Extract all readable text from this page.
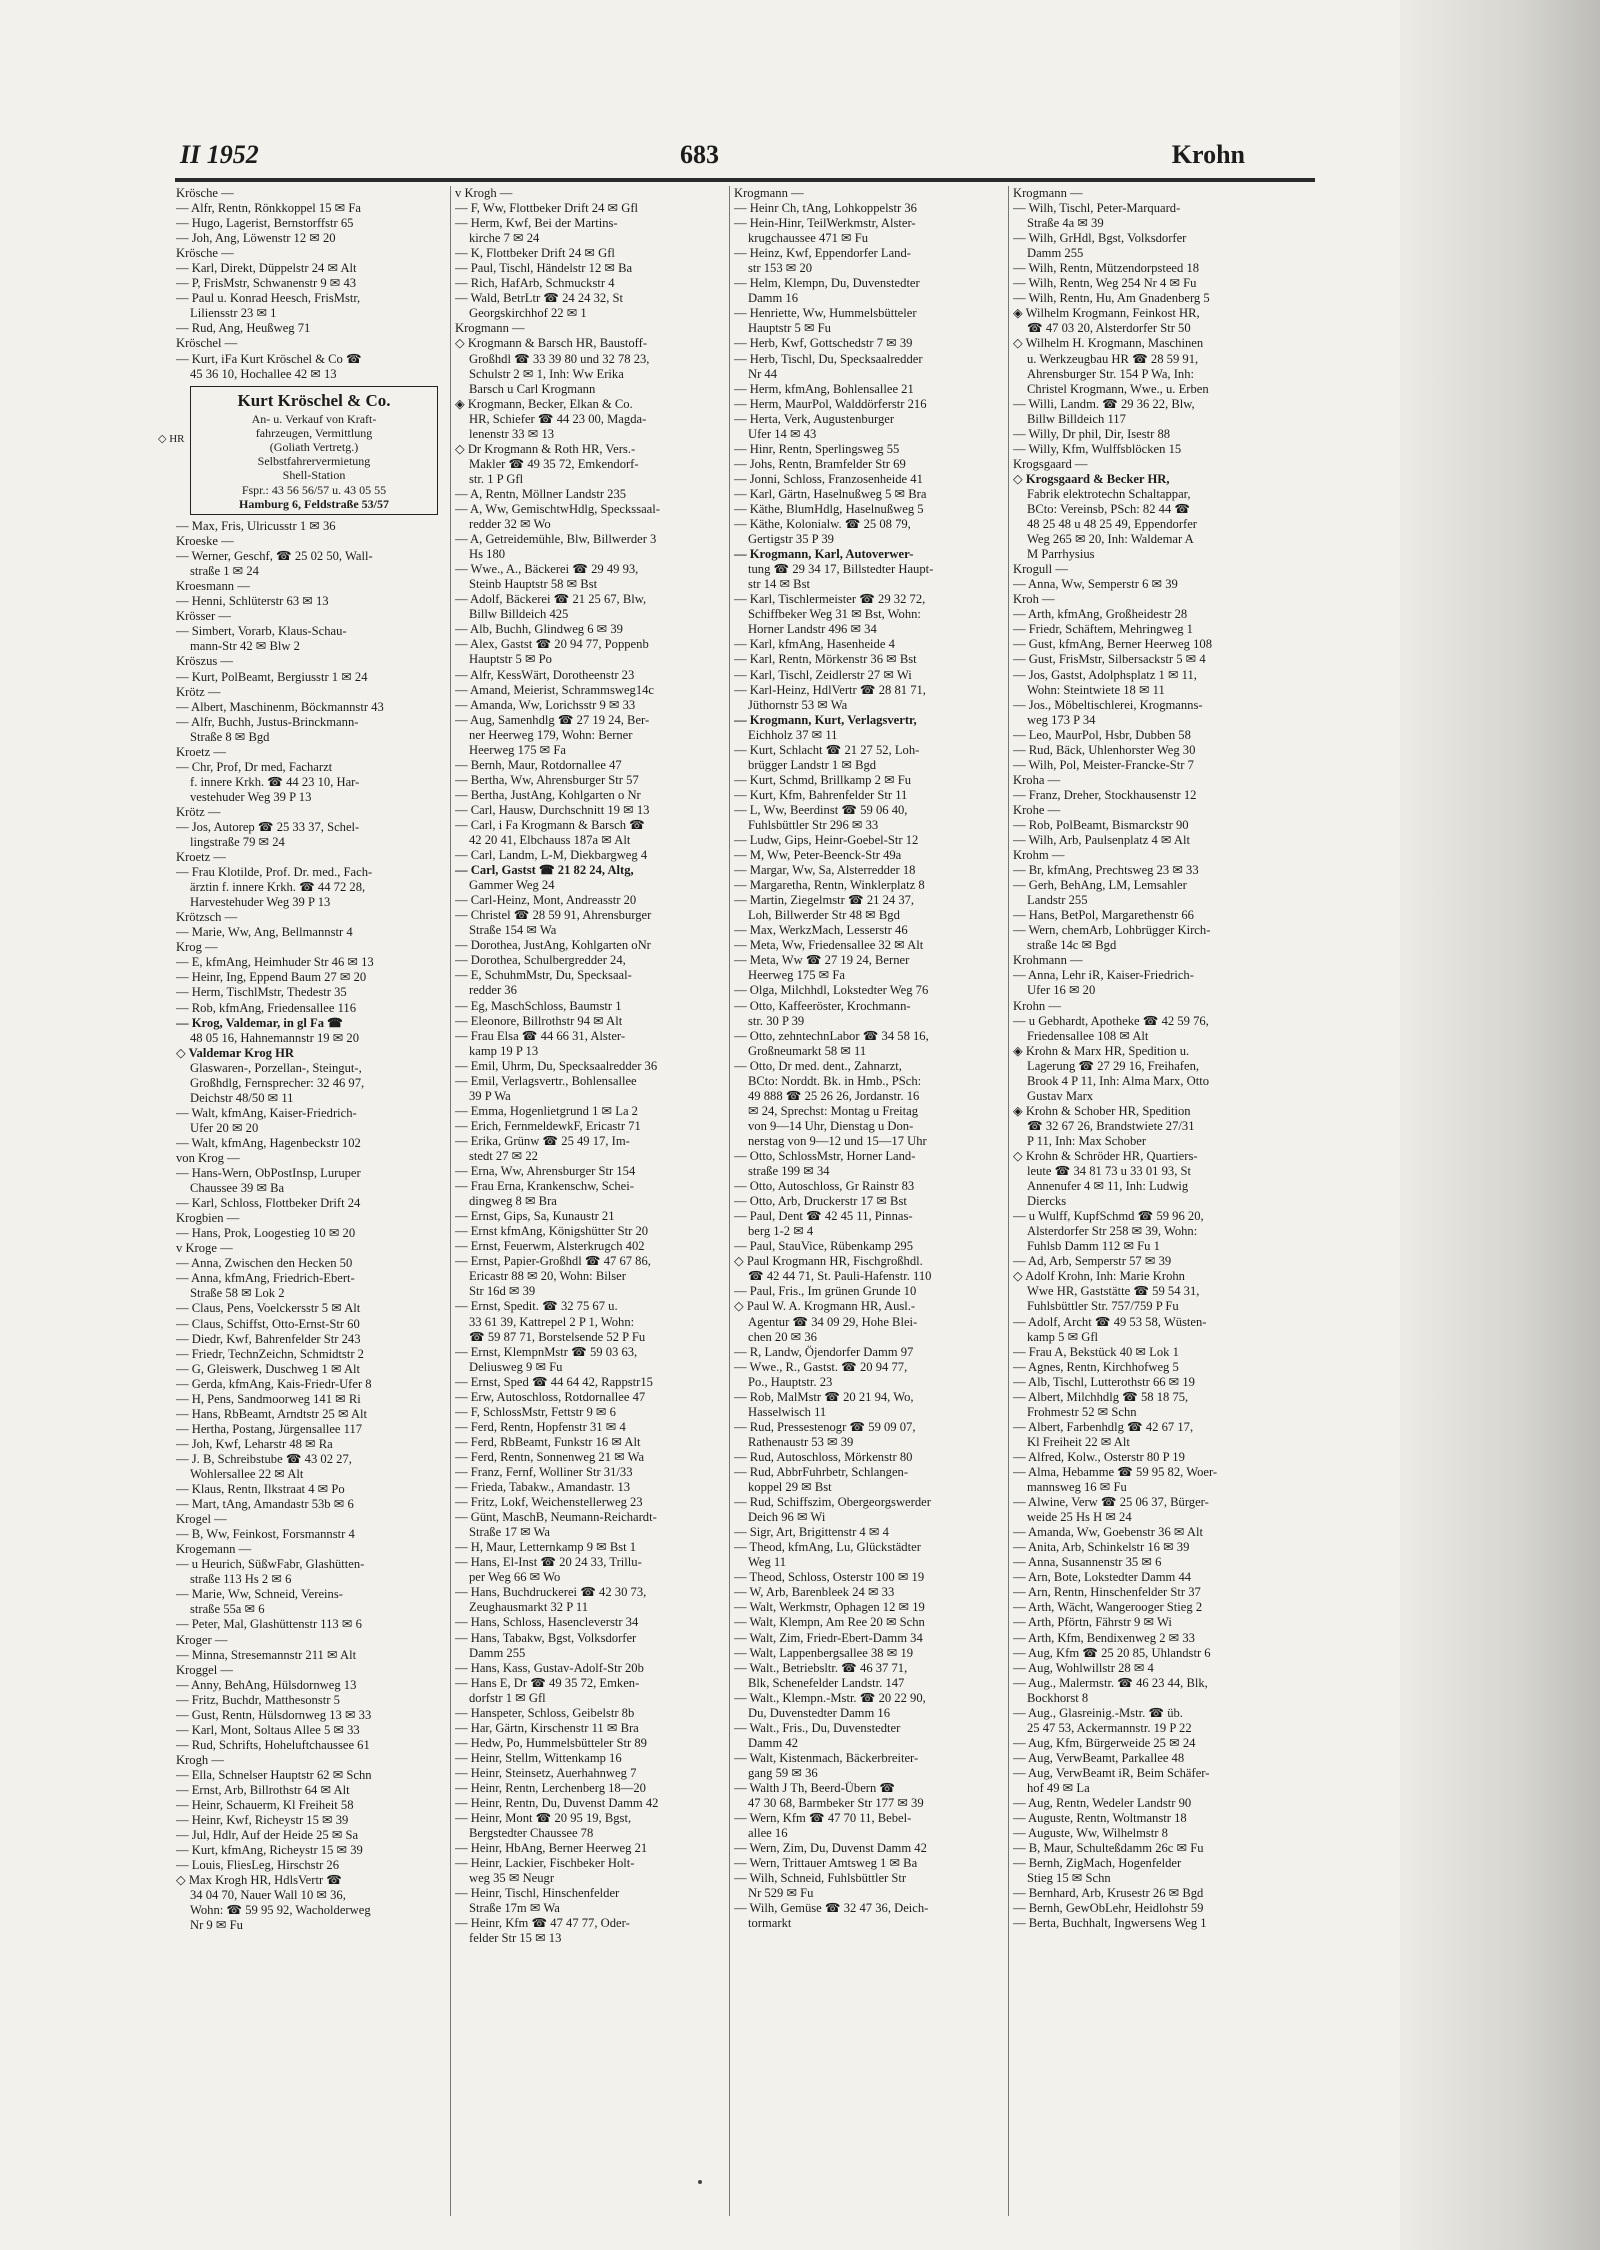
II 1952	683	Krohn
◇ HR
Krösche —
— Alfr, Rentn, Rönkkoppel 15 ✉ Fa
— Hugo, Lagerist, Bernstorffstr 65
— Joh, Ang, Löwenstr 12 ✉ 20
Krösche —
— Karl, Direkt, Düppelstr 24 ✉ Alt
— P, FrisMstr, Schwanenstr 9 ✉ 43
— Paul u. Konrad Heesch, FrisMstr,
Liliensstr 23 ✉ 1
— Rud, Ang, Heußweg 71
Kröschel —
— Kurt, iFa Kurt Kröschel & Co ☎
45 36 10, Hochallee 42 ✉ 13
Kurt Kröschel & Co.
An- u. Verkauf von Kraft-
fahrzeugen, Vermittlung
(Goliath Vertretg.)
Selbstfahrervermietung
Shell-Station
Fspr.: 43 56 56/57 u. 43 05 55
Hamburg 6, Feldstraße 53/57
— Max, Fris, Ulricusstr 1 ✉ 36
Kroeske —
— Werner, Geschf, ☎ 25 02 50, Wall-
straße 1 ✉ 24
Kroesmann —
— Henni, Schlüterstr 63 ✉ 13
Krösser —
— Simbert, Vorarb, Klaus-Schau-
mann-Str 42 ✉ Blw 2
Kröszus —
— Kurt, PolBeamt, Bergiusstr 1 ✉ 24
Krötz —
— Albert, Maschinenm, Böckmannstr 43
— Alfr, Buchh, Justus-Brinckmann-
Straße 8 ✉ Bgd
Kroetz —
— Chr, Prof, Dr med, Facharzt
f. innere Krkh. ☎ 44 23 10, Har-
vestehuder Weg 39 P 13
Krötz —
— Jos, Autorep ☎ 25 33 37, Schel-
lingstraße 79 ✉ 24
Kroetz —
— Frau Klotilde, Prof. Dr. med., Fach-
ärztin f. innere Krkh. ☎ 44 72 28,
Harvestehuder Weg 39 P 13
Krötzsch —
— Marie, Ww, Ang, Bellmannstr 4
Krog —
— E, kfmAng, Heimhuder Str 46 ✉ 13
— Heinr, Ing, Eppend Baum 27 ✉ 20
— Herm, TischlMstr, Thedestr 35
— Rob, kfmAng, Friedensallee 116
— Krog, Valdemar, in gl Fa ☎
48 05 16, Hahnemannstr 19 ✉ 20
◇ Valdemar Krog HR
Glaswaren-, Porzellan-, Steingut-,
Großhdlg, Fernsprecher: 32 46 97,
Deichstr 48/50 ✉ 11
— Walt, kfmAng, Kaiser-Friedrich-
Ufer 20 ✉ 20
— Walt, kfmAng, Hagenbeckstr 102
von Krog —
— Hans-Wern, ObPostInsp, Luruper
Chaussee 39 ✉ Ba
— Karl, Schloss, Flottbeker Drift 24
Krogbien —
— Hans, Prok, Loogestieg 10 ✉ 20
v Kroge —
— Anna, Zwischen den Hecken 50
— Anna, kfmAng, Friedrich-Ebert-
Straße 58 ✉ Lok 2
— Claus, Pens, Voelckersstr 5 ✉ Alt
— Claus, Schiffst, Otto-Ernst-Str 60
— Diedr, Kwf, Bahrenfelder Str 243
— Friedr, TechnZeichn, Schmidtstr 2
— G, Gleiswerk, Duschweg 1 ✉ Alt
— Gerda, kfmAng, Kais-Friedr-Ufer 8
— H, Pens, Sandmoorweg 141 ✉ Ri
— Hans, RbBeamt, Arndtstr 25 ✉ Alt
— Hertha, Postang, Jürgensallee 117
— Joh, Kwf, Leharstr 48 ✉ Ra
— J. B, Schreibstube ☎ 43 02 27,
Wohlersallee 22 ✉ Alt
— Klaus, Rentn, Ilkstraat 4 ✉ Po
— Mart, tAng, Amandastr 53b ✉ 6
Krogel —
— B, Ww, Feinkost, Forsmannstr 4
Krogemann —
— u Heurich, SüßwFabr, Glashütten-
straße 113 Hs 2 ✉ 6
— Marie, Ww, Schneid, Vereins-
straße 55a ✉ 6
— Peter, Mal, Glashüttenstr 113 ✉ 6
Kroger —
— Minna, Stresemannstr 211 ✉ Alt
Kroggel —
— Anny, BehAng, Hülsdornweg 13
— Fritz, Buchdr, Matthesonstr 5
— Gust, Rentn, Hülsdornweg 13 ✉ 33
— Karl, Mont, Soltaus Allee 5 ✉ 33
— Rud, Schrifts, Hoheluftchaussee 61
Krogh —
— Ella, Schnelser Hauptstr 62 ✉ Schn
— Ernst, Arb, Billrothstr 64 ✉ Alt
— Heinr, Schauerm, Kl Freiheit 58
— Heinr, Kwf, Richeystr 15 ✉ 39
— Jul, Hdlr, Auf der Heide 25 ✉ Sa
— Kurt, kfmAng, Richeystr 15 ✉ 39
— Louis, FliesLeg, Hirschstr 26
◇ Max Krogh HR, HdlsVertr ☎
34 04 70, Nauer Wall 10 ✉ 36,
Wohn: ☎ 59 95 92, Wacholderweg
Nr 9 ✉ Fu
v Krogh —
— F, Ww, Flottbeker Drift 24 ✉ Gfl
— Herm, Kwf, Bei der Martins-
kirche 7 ✉ 24
— K, Flottbeker Drift 24 ✉ Gfl
— Paul, Tischl, Händelstr 12 ✉ Ba
— Rich, HafArb, Schmuckstr 4
— Wald, BetrLtr ☎ 24 24 32, St
Georgskirchhof 22 ✉ 1
Krogmann —
◇ Krogmann & Barsch HR, Baustoff-
Großhdl ☎ 33 39 80 und 32 78 23,
Schulstr 2 ✉ 1, Inh: Ww Erika
Barsch u Carl Krogmann
◈ Krogmann, Becker, Elkan & Co.
HR, Schiefer ☎ 44 23 00, Magda-
lenenstr 33 ✉ 13
◇ Dr Krogmann & Roth HR, Vers.-
Makler ☎ 49 35 72, Emkendorf-
str. 1 P Gfl
— A, Rentn, Möllner Landstr 235
— A, Ww, GemischtwHdlg, Speckssaal-
redder 32 ✉ Wo
— A, Getreidemühle, Blw, Billwerder 3
Hs 180
— Wwe., A., Bäckerei ☎ 29 49 93,
Steinb Hauptstr 58 ✉ Bst
— Adolf, Bäckerei ☎ 21 25 67, Blw,
Billw Billdeich 425
— Alb, Buchh, Glindweg 6 ✉ 39
— Alex, Gastst ☎ 20 94 77, Poppenb
Hauptstr 5 ✉ Po
— Alfr, KessWärt, Dorotheenstr 23
— Amand, Meierist, Schrammsweg14c
— Amanda, Ww, Lorichsstr 9 ✉ 33
— Aug, Samenhdlg ☎ 27 19 24, Ber-
ner Heerweg 179, Wohn: Berner
Heerweg 175 ✉ Fa
— Bernh, Maur, Rotdornallee 47
— Bertha, Ww, Ahrensburger Str 57
— Bertha, JustAng, Kohlgarten o Nr
— Carl, Hausw, Durchschnitt 19 ✉ 13
— Carl, i Fa Krogmann & Barsch ☎
42 20 41, Elbchauss 187a ✉ Alt
— Carl, Landm, L-M, Diekbargweg 4
— Carl, Gastst ☎ 21 82 24, Altg,
Gammer Weg 24
— Carl-Heinz, Mont, Andreasstr 20
— Christel ☎ 28 59 91, Ahrensburger
Straße 154 ✉ Wa
— Dorothea, JustAng, Kohlgarten oNr
— Dorothea, Schulbergredder 24,
— E, SchuhmMstr, Du, Specksaal-
redder 36
— Eg, MaschSchloss, Baumstr 1
— Eleonore, Billrothstr 94 ✉ Alt
— Frau Elsa ☎ 44 66 31, Alster-
kamp 19 P 13
— Emil, Uhrm, Du, Specksaalredder 36
— Emil, Verlagsvertr., Bohlensallee
39 P Wa
— Emma, Hogenlietgrund 1 ✉ La 2
— Erich, FernmeldewkF, Ericastr 71
— Erika, Grünw ☎ 25 49 17, Im-
stedt 27 ✉ 22
— Erna, Ww, Ahrensburger Str 154
— Frau Erna, Krankenschw, Schei-
dingweg 8 ✉ Bra
— Ernst, Gips, Sa, Kunaustr 21
— Ernst kfmAng, Königshütter Str 20
— Ernst, Feuerwm, Alsterkrugch 402
— Ernst, Papier-Großhdl ☎ 47 67 86,
Ericastr 88 ✉ 20, Wohn: Bilser
Str 16d ✉ 39
— Ernst, Spedit. ☎ 32 75 67 u.
33 61 39, Kattrepel 2 P 1, Wohn:
☎ 59 87 71, Borstelsende 52 P Fu
— Ernst, KlempnMstr ☎ 59 03 63,
Deliusweg 9 ✉ Fu
— Ernst, Sped ☎ 44 64 42, Rappstr15
— Erw, Autoschloss, Rotdornallee 47
— F, SchlossMstr, Fettstr 9 ✉ 6
— Ferd, Rentn, Hopfenstr 31 ✉ 4
— Ferd, RbBeamt, Funkstr 16 ✉ Alt
— Ferd, Rentn, Sonnenweg 21 ✉ Wa
— Franz, Fernf, Wolliner Str 31/33
— Frieda, Tabakw., Amandastr. 13
— Fritz, Lokf, Weichenstellerweg 23
— Günt, MaschB, Neumann-Reichardt-
Straße 17 ✉ Wa
— H, Maur, Letternkamp 9 ✉ Bst 1
— Hans, El-Inst ☎ 20 24 33, Trillu-
per Weg 66 ✉ Wo
— Hans, Buchdruckerei ☎ 42 30 73,
Zeughausmarkt 32 P 11
— Hans, Schloss, Hasencleverstr 34
— Hans, Tabakw, Bgst, Volksdorfer
Damm 255
— Hans, Kass, Gustav-Adolf-Str 20b
— Hans E, Dr ☎ 49 35 72, Emken-
dorfstr 1 ✉ Gfl
— Hanspeter, Schloss, Geibelstr 8b
— Har, Gärtn, Kirschenstr 11 ✉ Bra
— Hedw, Po, Hummelsbütteler Str 89
— Heinr, Stellm, Wittenkamp 16
— Heinr, Steinsetz, Auerhahnweg 7
— Heinr, Rentn, Lerchenberg 18—20
— Heinr, Rentn, Du, Duvenst Damm 42
— Heinr, Mont ☎ 20 95 19, Bgst,
Bergstedter Chaussee 78
— Heinr, HbAng, Berner Heerweg 21
— Heinr, Lackier, Fischbeker Holt-
weg 35 ✉ Neugr
— Heinr, Tischl, Hinschenfelder
Straße 17m ✉ Wa
— Heinr, Kfm ☎ 47 47 77, Oder-
felder Str 15 ✉ 13
Krogmann —
— Heinr Ch, tAng, Lohkoppelstr 36
— Hein-Hinr, TeilWerkmstr, Alster-
krugchaussee 471 ✉ Fu
— Heinz, Kwf, Eppendorfer Land-
str 153 ✉ 20
— Helm, Klempn, Du, Duvenstedter
Damm 16
— Henriette, Ww, Hummelsbütteler
Hauptstr 5 ✉ Fu
— Herb, Kwf, Gottschedstr 7 ✉ 39
— Herb, Tischl, Du, Specksaalredder
Nr 44
— Herm, kfmAng, Bohlensallee 21
— Herm, MaurPol, Walddörferstr 216
— Herta, Verk, Augustenburger
Ufer 14 ✉ 43
— Hinr, Rentn, Sperlingsweg 55
— Johs, Rentn, Bramfelder Str 69
— Jonni, Schloss, Franzosenheide 41
— Karl, Gärtn, Haselnußweg 5 ✉ Bra
— Käthe, BlumHdlg, Haselnußweg 5
— Käthe, Kolonialw. ☎ 25 08 79,
Gertigstr 35 P 39
— Krogmann, Karl, Autoverwer-
tung ☎ 29 34 17, Billstedter Haupt-
str 14 ✉ Bst
— Karl, Tischlermeister ☎ 29 32 72,
Schiffbeker Weg 31 ✉ Bst, Wohn:
Horner Landstr 496 ✉ 34
— Karl, kfmAng, Hasenheide 4
— Karl, Rentn, Mörkenstr 36 ✉ Bst
— Karl, Tischl, Zeidlerstr 27 ✉ Wi
— Karl-Heinz, HdlVertr ☎ 28 81 71,
Jüthornstr 53 ✉ Wa
— Krogmann, Kurt, Verlagsvertr,
Eichholz 37 ✉ 11
— Kurt, Schlacht ☎ 21 27 52, Loh-
brügger Landstr 1 ✉ Bgd
— Kurt, Schmd, Brillkamp 2 ✉ Fu
— Kurt, Kfm, Bahrenfelder Str 11
— L, Ww, Beerdinst ☎ 59 06 40,
Fuhlsbüttler Str 296 ✉ 33
— Ludw, Gips, Heinr-Goebel-Str 12
— M, Ww, Peter-Beenck-Str 49a
— Margar, Ww, Sa, Alsterredder 18
— Margaretha, Rentn, Winklerplatz 8
— Martin, Ziegelmstr ☎ 21 24 37,
Loh, Billwerder Str 48 ✉ Bgd
— Max, WerkzMach, Lesserstr 46
— Meta, Ww, Friedensallee 32 ✉ Alt
— Meta, Ww ☎ 27 19 24, Berner
Heerweg 175 ✉ Fa
— Olga, Milchhdl, Lokstedter Weg 76
— Otto, Kaffeeröster, Krochmann-
str. 30 P 39
— Otto, zehntechnLabor ☎ 34 58 16,
Großneumarkt 58 ✉ 11
— Otto, Dr med. dent., Zahnarzt,
BCto: Norddt. Bk. in Hmb., PSch:
49 888 ☎ 25 26 26, Jordanstr. 16
✉ 24, Sprechst: Montag u Freitag
von 9—14 Uhr, Dienstag u Don-
nerstag von 9—12 und 15—17 Uhr
— Otto, SchlossMstr, Horner Land-
straße 199 ✉ 34
— Otto, Autoschloss, Gr Rainstr 83
— Otto, Arb, Druckerstr 17 ✉ Bst
— Paul, Dent ☎ 42 45 11, Pinnas-
berg 1-2 ✉ 4
— Paul, StauVice, Rübenkamp 295
◇ Paul Krogmann HR, Fischgroßhdl.
☎ 42 44 71, St. Pauli-Hafenstr. 110
— Paul, Fris., Im grünen Grunde 10
◇ Paul W. A. Krogmann HR, Ausl.-
Agentur ☎ 34 09 29, Hohe Blei-
chen 20 ✉ 36
— R, Landw, Öjendorfer Damm 97
— Wwe., R., Gastst. ☎ 20 94 77,
Po., Hauptstr. 23
— Rob, MalMstr ☎ 20 21 94, Wo,
Hasselwisch 11
— Rud, Pressestenogr ☎ 59 09 07,
Rathenaustr 53 ✉ 39
— Rud, Autoschloss, Mörkenstr 80
— Rud, AbbrFuhrbetr, Schlangen-
koppel 29 ✉ Bst
— Rud, Schiffszim, Obergeorgswerder
Deich 96 ✉ Wi
— Sigr, Art, Brigittenstr 4 ✉ 4
— Theod, kfmAng, Lu, Glückstädter
Weg 11
— Theod, Schloss, Osterstr 100 ✉ 19
— W, Arb, Barenbleek 24 ✉ 33
— Walt, Werkmstr, Ophagen 12 ✉ 19
— Walt, Klempn, Am Ree 20 ✉ Schn
— Walt, Zim, Friedr-Ebert-Damm 34
— Walt, Lappenbergsallee 38 ✉ 19
— Walt., Betriebsltr. ☎ 46 37 71,
Blk, Schenefelder Landstr. 147
— Walt., Klempn.-Mstr. ☎ 20 22 90,
Du, Duvenstedter Damm 16
— Walt., Fris., Du, Duvenstedter
Damm 42
— Walt, Kistenmach, Bäckerbreiter-
gang 59 ✉ 36
— Walth J Th, Beerd-Übern ☎
47 30 68, Barmbeker Str 177 ✉ 39
— Wern, Kfm ☎ 47 70 11, Bebel-
allee 16
— Wern, Zim, Du, Duvenst Damm 42
— Wern, Trittauer Amtsweg 1 ✉ Ba
— Wilh, Schneid, Fuhlsbüttler Str
Nr 529 ✉ Fu
— Wilh, Gemüse ☎ 32 47 36, Deich-
tormarkt
Krogmann —
— Wilh, Tischl, Peter-Marquard-
Straße 4a ✉ 39
— Wilh, GrHdl, Bgst, Volksdorfer
Damm 255
— Wilh, Rentn, Mützendorpsteed 18
— Wilh, Rentn, Weg 254 Nr 4 ✉ Fu
— Wilh, Rentn, Hu, Am Gnadenberg 5
◈ Wilhelm Krogmann, Feinkost HR,
☎ 47 03 20, Alsterdorfer Str 50
◇ Wilhelm H. Krogmann, Maschinen
u. Werkzeugbau HR ☎ 28 59 91,
Ahrensburger Str. 154 P Wa, Inh:
Christel Krogmann, Wwe., u. Erben
— Willi, Landm. ☎ 29 36 22, Blw,
Billw Billdeich 117
— Willy, Dr phil, Dir, Isestr 88
— Willy, Kfm, Wulffsblöcken 15
Krogsgaard —
◇ Krogsgaard & Becker HR,
Fabrik elektrotechn Schaltappar,
BCto: Vereinsb, PSch: 82 44 ☎
48 25 48 u 48 25 49, Eppendorfer
Weg 265 ✉ 20, Inh: Waldemar A
M Parrhysius
Krogull —
— Anna, Ww, Semperstr 6 ✉ 39
Kroh —
— Arth, kfmAng, Großheidestr 28
— Friedr, Schäftem, Mehringweg 1
— Gust, kfmAng, Berner Heerweg 108
— Gust, FrisMstr, Silbersackstr 5 ✉ 4
— Jos, Gastst, Adolphsplatz 1 ✉ 11,
Wohn: Steintwiete 18 ✉ 11
— Jos., Möbeltischlerei, Krogmanns-
weg 173 P 34
— Leo, MaurPol, Hsbr, Dubben 58
— Rud, Bäck, Uhlenhorster Weg 30
— Wilh, Pol, Meister-Francke-Str 7
Kroha —
— Franz, Dreher, Stockhausenstr 12
Krohe —
— Rob, PolBeamt, Bismarckstr 90
— Wilh, Arb, Paulsenplatz 4 ✉ Alt
Krohm —
— Br, kfmAng, Prechtsweg 23 ✉ 33
— Gerh, BehAng, LM, Lemsahler
Landstr 255
— Hans, BetPol, Margarethenstr 66
— Wern, chemArb, Lohbrügger Kirch-
straße 14c ✉ Bgd
Krohmann —
— Anna, Lehr iR, Kaiser-Friedrich-
Ufer 16 ✉ 20
Krohn —
— u Gebhardt, Apotheke ☎ 42 59 76,
Friedensallee 108 ✉ Alt
◈ Krohn & Marx HR, Spedition u.
Lagerung ☎ 27 29 16, Freihafen,
Brook 4 P 11, Inh: Alma Marx, Otto
Gustav Marx
◈ Krohn & Schober HR, Spedition
☎ 32 67 26, Brandstwiete 27/31
P 11, Inh: Max Schober
◇ Krohn & Schröder HR, Quartiers-
leute ☎ 34 81 73 u 33 01 93, St
Annenufer 4 ✉ 11, Inh: Ludwig
Diercks
— u Wulff, KupfSchmd ☎ 59 96 20,
Alsterdorfer Str 258 ✉ 39, Wohn:
Fuhlsb Damm 112 ✉ Fu 1
— Ad, Arb, Semperstr 57 ✉ 39
◇ Adolf Krohn, Inh: Marie Krohn
Wwe HR, Gaststätte ☎ 59 54 31,
Fuhlsbüttler Str. 757/759 P Fu
— Adolf, Archt ☎ 49 53 58, Wüsten-
kamp 5 ✉ Gfl
— Frau A, Bekstück 40 ✉ Lok 1
— Agnes, Rentn, Kirchhofweg 5
— Alb, Tischl, Lutterothstr 66 ✉ 19
— Albert, Milchhdlg ☎ 58 18 75,
Frohmestr 52 ✉ Schn
— Albert, Farbenhdlg ☎ 42 67 17,
Kl Freiheit 22 ✉ Alt
— Alfred, Kolw., Osterstr 80 P 19
— Alma, Hebamme ☎ 59 95 82, Woer-
mannsweg 16 ✉ Fu
— Alwine, Verw ☎ 25 06 37, Bürger-
weide 25 Hs H ✉ 24
— Amanda, Ww, Goebenstr 36 ✉ Alt
— Anita, Arb, Schinkelstr 16 ✉ 39
— Anna, Susannenstr 35 ✉ 6
— Arn, Bote, Lokstedter Damm 44
— Arn, Rentn, Hinschenfelder Str 37
— Arth, Wächt, Wangerooger Stieg 2
— Arth, Pförtn, Fährstr 9 ✉ Wi
— Arth, Kfm, Bendixenweg 2 ✉ 33
— Aug, Kfm ☎ 25 20 85, Uhlandstr 6
— Aug, Wohlwillstr 28 ✉ 4
— Aug., Malermstr. ☎ 46 23 44, Blk,
Bockhorst 8
— Aug., Glasreinig.-Mstr. ☎ üb.
25 47 53, Ackermannstr. 19 P 22
— Aug, Kfm, Bürgerweide 25 ✉ 24
— Aug, VerwBeamt, Parkallee 48
— Aug, VerwBeamt iR, Beim Schäfer-
hof 49 ✉ La
— Aug, Rentn, Wedeler Landstr 90
— Auguste, Rentn, Woltmanstr 18
— Auguste, Ww, Wilhelmstr 8
— B, Maur, Schulteßdamm 26c ✉ Fu
— Bernh, ZigMach, Hogenfelder
Stieg 15 ✉ Schn
— Bernhard, Arb, Krusestr 26 ✉ Bgd
— Bernh, GewObLehr, Heidlohstr 59
— Berta, Buchhalt, Ingwersens Weg 1
